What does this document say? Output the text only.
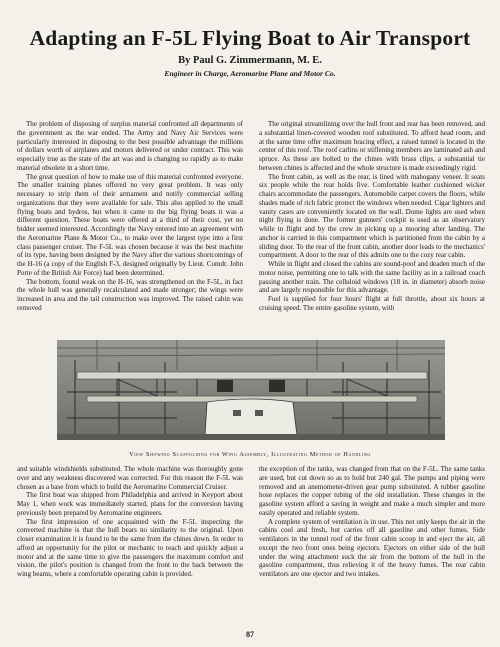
Adapting an F-5L Flying Boat to Air Transport
By Paul G. Zimmermann, M. E.
Engineer in Charge, Aeromarine Plane and Motor Co.

The problem of disposing of surplus material confronted all departments of the government as the war ended. The Army and Navy Air Services were particularly interested in disposing to the best possible advantage the millions of dollars worth of airplanes and motors delivered or under contract. This was especially true as the state of the art was and is changing so rapidly as to make material obsolete in a short time.

The great question of how to make use of this material confronted everyone. The smaller training planes offered no very great problem. It was only necessary to strip them of their armament and notify commercial selling organizations that they were available for sale. This also applied to the small flying boats and hydros, but when it came to the big flying boats it was a different question. These boats were offered at a third of their cost, yet no bidder seemed interested. Accordingly the Navy entered into an agreement with the Aeromarine Plane & Motor Co., to make over the largest type into a first class passenger cruiser. The F-5L was chosen because it was the best machine of its type, having been designed by the Navy after the various shortcomings of the H-16 (a copy of the English F-3, designed originally by Lieut. Comdr. John Porte of the British Air Force) had been determined.

The bottom, found weak on the H-16, was strengthened on the F-5L, in fact the whole hull was generally recalculated and made stronger; the wings were increased in area and the tail construction was improved. The raised cabin was removed

The original streamlining over the hull front and rear has been removed, and a substantial linen-covered wooden roof substituted. To afford head room, and at the same time offer maximum bracing effect, a raised tunnel is located in the center of this roof. The roof carlins or stiffening members are laminated ash and spruce. As these are bolted to the chines with brass clips, a substantial tie between chines is affected and the whole structure is made exceedingly rigid.

The front cabin, as well as the rear, is lined with mahogany veneer. It seats six people while the rear holds five. Comfortable leather cushioned wicker chairs accommodate the passengers. Automobile carpet covers the floors, while shades made of rich fabric protect the windows when needed. Cigar lighters and vanity cases are conveniently located on the wall. Dome lights are used when night flying is done. The former gunners' cockpit is used as an observatory while in flight and by the crew in picking up a mooring after landing. The anchor is carried in this compartment which is partitioned from the cabin by a sliding door. To the rear of the front cabin, another door leads to the mechanics' compartment. A door to the rear of this admits one to the cozy rear cabin.

While in flight and closed the cabins are sound-poof and deaden much of the motor noise, permitting one to talk with the same facility as in a railroad coach passing another train. The celluloid windows (18 in. in diameter) absorb noise and are largely responsible for this advantage.

Fuel is supplied for four hours' flight at full throttle, about six hours at cruising speed. The entire gasoline system, with

View Showing Scaffolding for Wing Assembly, Illustrating Method of Handling

and suitable windshields substituted. The whole machine was thoroughly gone over and any weakness discovered was corrected. For this reason the F-5L was chosen as a base from which to build the Aeromarine Commercial Cruiser.

The first boat was shipped from Philadelphia and arrived in Keyport about May 1, when work was immediately started, plans for the conversion having previously been prepared by Aeromarine engineers.

The first impression of one acquainted with the F-5L inspecting the converted machine is that the hull bears no similarity to the original. Upon closer examination it is found to be the same from the chines down. In order to afford an opportunity for the pilot or mechanic to reach and quickly adjust a motor and at the same time to give the passengers the maximum comfort and vision, the pilot's position is changed from the front to the back between the wing beams, where a comfortable operating cabin is provided.

the exception of the tanks, was changed from that on the F-5L. The same tanks are used, but cut down so as to hold but 240 gal. The pumps and piping were removed and an anemometer-driven gear pump substituted. A rubber gasoline hose replaces the copper tubing of the old installation. These changes in the gasoline system afford a saving in weight and make a much simpler and more easily operated and reliable system.

A complete system of ventilation is in use. This not only keeps the air in the cabins cool and fresh, but carries off all gasoline and other fumes. Side ventilators in the tunnel roof of the front cabin scoop in and eject the air, all except the two front ones being ejectors. Ejectors on either side of the hull under the wing attachment suck the air from the bottom of the hull in the gasoline compartment, thus relieving it of the heavy fumes. The rear cabin ventilators are one ejector and two intakes.

87
